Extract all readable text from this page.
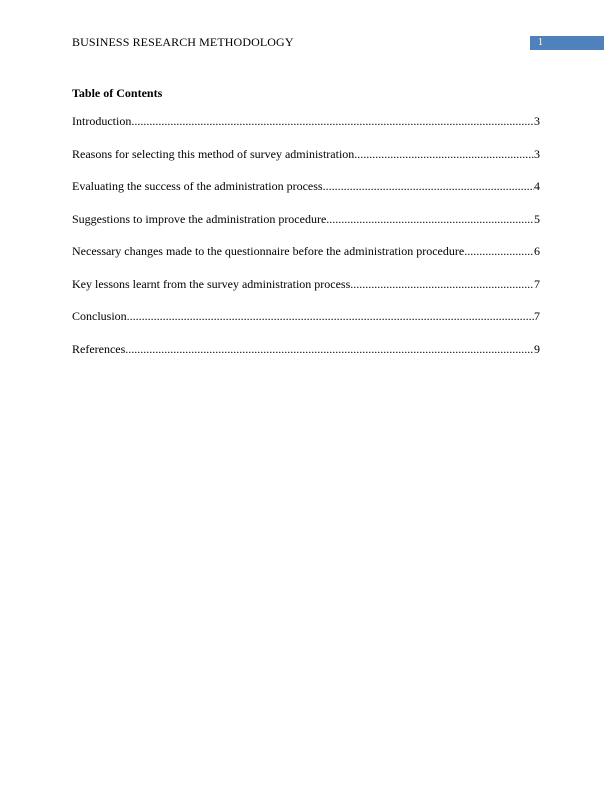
BUSINESS RESEARCH METHODOLOGY	1
Table of Contents
Introduction .....	3
Reasons for selecting this method of survey administration .....	3
Evaluating the success of the administration process .....	4
Suggestions to improve the administration procedure .....	5
Necessary changes made to the questionnaire before the administration procedure .....	6
Key lessons learnt from the survey administration process .....	7
Conclusion .....	7
References .....	9
